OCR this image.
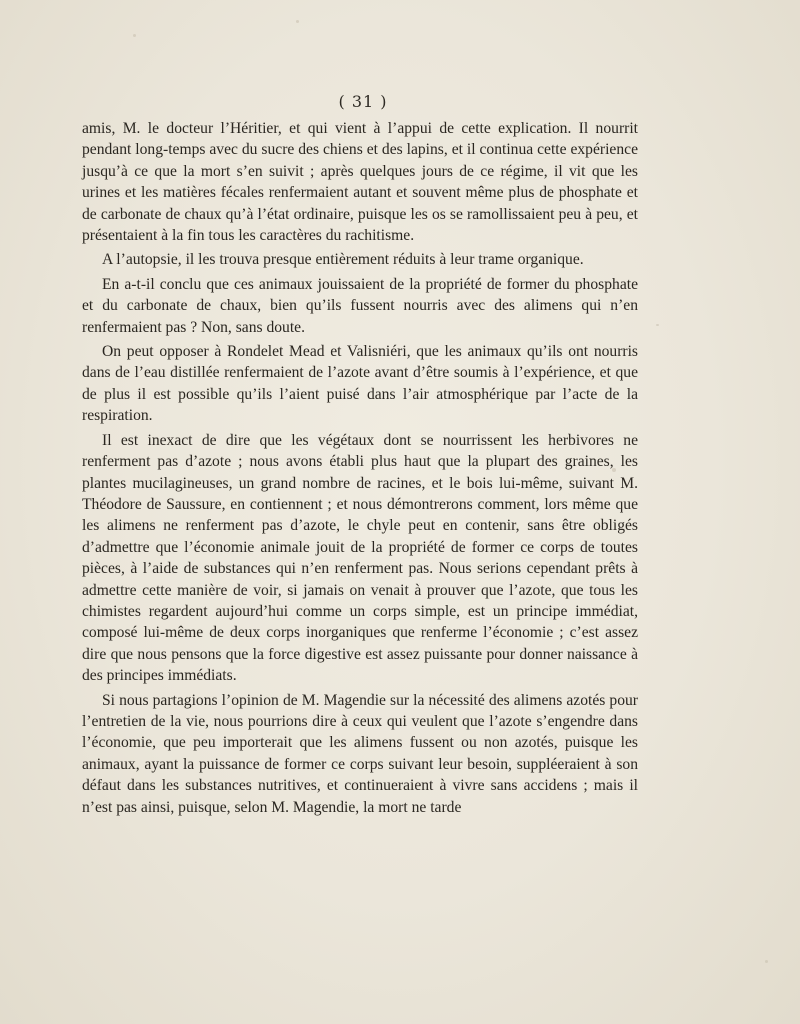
( 31 )

amis, M. le docteur l’Héritier, et qui vient à l’appui de cette explication. Il nourrit pendant long-temps avec du sucre des chiens et des lapins, et il continua cette expérience jusqu’à ce que la mort s’en suivit ; après quelques jours de ce régime, il vit que les urines et les matières fécales renfermaient autant et souvent même plus de phosphate et de carbonate de chaux qu’à l’état ordinaire, puisque les os se ramollissaient peu à peu, et présentaient à la fin tous les caractères du rachitisme.

A l’autopsie, il les trouva presque entièrement réduits à leur trame organique.

En a-t-il conclu que ces animaux jouissaient de la propriété de former du phosphate et du carbonate de chaux, bien qu’ils fussent nourris avec des alimens qui n’en renfermaient pas ? Non, sans doute.

On peut opposer à Rondelet Mead et Valisniéri, que les animaux qu’ils ont nourris dans de l’eau distillée renfermaient de l’azote avant d’être soumis à l’expérience, et que de plus il est possible qu’ils l’aient puisé dans l’air atmosphérique par l’acte de la respiration.

Il est inexact de dire que les végétaux dont se nourrissent les herbivores ne renferment pas d’azote ; nous avons établi plus haut que la plupart des graines, les plantes mucilagineuses, un grand nombre de racines, et le bois lui-même, suivant M. Théodore de Saussure, en contiennent ; et nous démontrerons comment, lors même que les alimens ne renferment pas d’azote, le chyle peut en contenir, sans être obligés d’admettre que l’économie animale jouit de la propriété de former ce corps de toutes pièces, à l’aide de substances qui n’en renferment pas. Nous serions cependant prêts à admettre cette manière de voir, si jamais on venait à prouver que l’azote, que tous les chimistes regardent aujourd’hui comme un corps simple, est un principe immédiat, composé lui-même de deux corps inorganiques que renferme l’économie ; c’est assez dire que nous pensons que la force digestive est assez puissante pour donner naissance à des principes immédiats.

Si nous partagions l’opinion de M. Magendie sur la nécessité des alimens azotés pour l’entretien de la vie, nous pourrions dire à ceux qui veulent que l’azote s’engendre dans l’économie, que peu importerait que les alimens fussent ou non azotés, puisque les animaux, ayant la puissance de former ce corps suivant leur besoin, suppléeraient à son défaut dans les substances nutritives, et continueraient à vivre sans accidens ; mais il n’est pas ainsi, puisque, selon M. Magendie, la mort ne tarde
